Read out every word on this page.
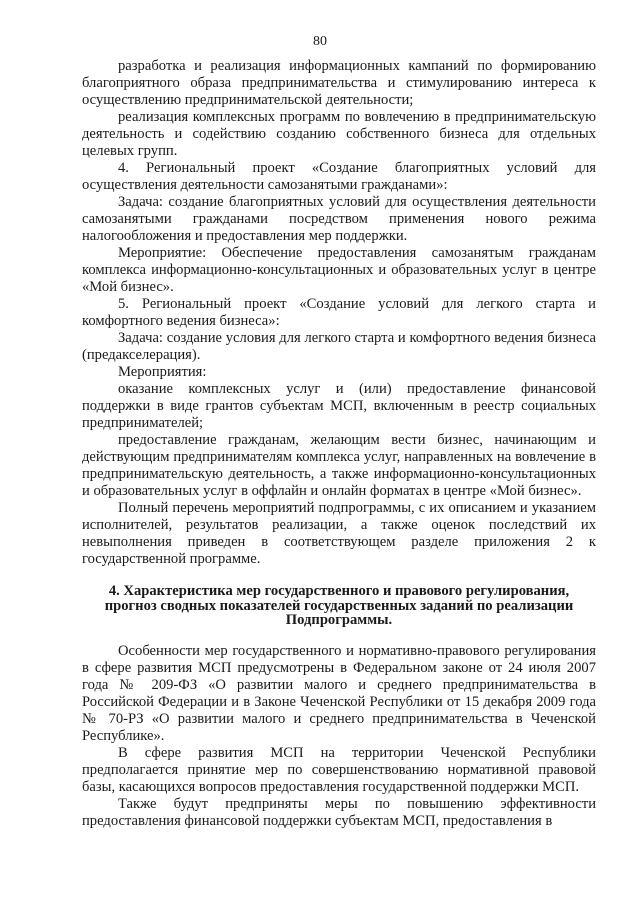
80

разработка и реализация информационных кампаний по формированию благоприятного образа предпринимательства и стимулированию интереса к осуществлению предпринимательской деятельности;

реализация комплексных программ по вовлечению в предпринимательскую деятельность и содействию созданию собственного бизнеса для отдельных целевых групп.

4. Региональный проект «Создание благоприятных условий для осуществления деятельности самозанятыми гражданами»:

Задача: создание благоприятных условий для осуществления деятельности самозанятыми гражданами посредством применения нового режима налогообложения и предоставления мер поддержки.

Мероприятие: Обеспечение предоставления самозанятым гражданам комплекса информационно-консультационных и образовательных услуг в центре «Мой бизнес».

5. Региональный проект «Создание условий для легкого старта и комфортного ведения бизнеса»:

Задача: создание условия для легкого старта и комфортного ведения бизнеса (предакселерация).

Мероприятия:

оказание комплексных услуг и (или) предоставление финансовой поддержки в виде грантов субъектам МСП, включенным в реестр социальных предпринимателей;

предоставление гражданам, желающим вести бизнес, начинающим и действующим предпринимателям комплекса услуг, направленных на вовлечение в предпринимательскую деятельность, а также информационно-консультационных и образовательных услуг в оффлайн и онлайн форматах в центре «Мой бизнес».

Полный перечень мероприятий подпрограммы, с их описанием и указанием исполнителей, результатов реализации, а также оценок последствий их невыполнения приведен в соответствующем разделе приложения 2 к государственной программе.

4. Характеристика мер государственного и правового регулирования, прогноз сводных показателей государственных заданий по реализации Подпрограммы.

Особенности мер государственного и нормативно-правового регулирования в сфере развития МСП предусмотрены в Федеральном законе от 24 июля 2007 года № 209-ФЗ «О развитии малого и среднего предпринимательства в Российской Федерации и в Законе Чеченской Республики от 15 декабря 2009 года № 70-РЗ «О развитии малого и среднего предпринимательства в Чеченской Республике».

В сфере развития МСП на территории Чеченской Республики предполагается принятие мер по совершенствованию нормативной правовой базы, касающихся вопросов предоставления государственной поддержки МСП.

Также будут предприняты меры по повышению эффективности предоставления финансовой поддержки субъектам МСП, предоставления в
